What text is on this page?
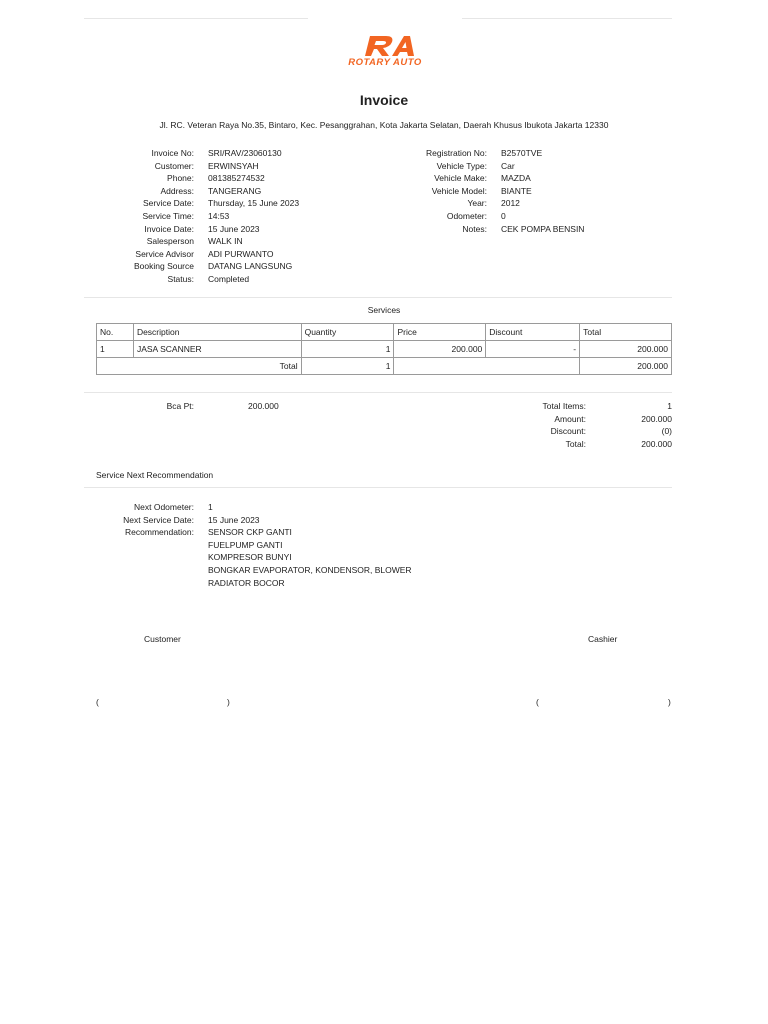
ROTARY AUTO
Invoice
Jl. RC. Veteran Raya No.35, Bintaro, Kec. Pesanggrahan, Kota Jakarta Selatan, Daerah Khusus Ibukota Jakarta 12330
Invoice No: SRI/RAV/23060130
Customer: ERWINSYAH
Phone: 081385274532
Address: TANGERANG
Service Date: Thursday, 15 June 2023
Service Time: 14:53
Invoice Date: 15 June 2023
Salesperson WALK IN
Service Advisor ADI PURWANTO
Booking Source DATANG LANGSUNG
Status: Completed
Registration No: B2570TVE
Vehicle Type: Car
Vehicle Make: MAZDA
Vehicle Model: BIANTE
Year: 2012
Odometer: 0
Notes: CEK POMPA BENSIN
Services
No.	Description	Quantity	Price	Discount	Total
1	JASA SCANNER	1	200.000	-	200.000
Total		1			200.000
Bca Pt:	200.000	Total Items:	1
Amount:	200.000
Discount:	(0)
Total:	200.000
Service Next Recommendation
Next Odometer: 1
Next Service Date: 15 June 2023
Recommendation: SENSOR CKP GANTI
FUELPUMP GANTI
KOMPRESOR BUNYI
BONGKAR EVAPORATOR, KONDENSOR, BLOWER
RADIATOR BOCOR
Customer	Cashier
(	)	(	)
